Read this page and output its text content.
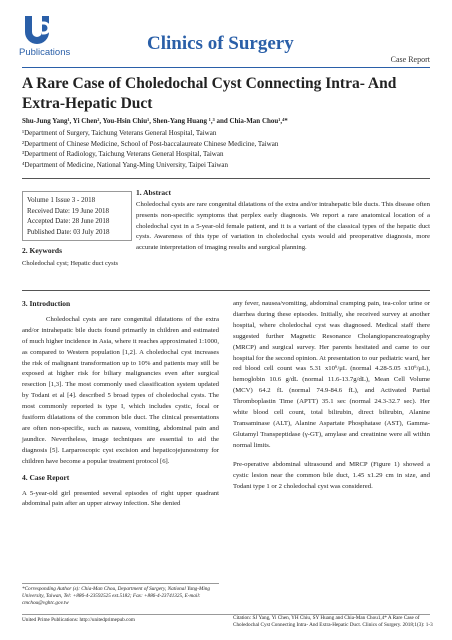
Publications	Clinics of Surgery
Case Report
A Rare Case of Choledochal Cyst Connecting Intra- And Extra-Hepatic Duct
Shu-Jung Yang¹, Yi Chen², You-Hsin Chiu¹, Shen-Yang Huang ¹,³ and Chia-Man Chou¹,⁴*
¹Department of Surgery, Taichung Veterans General Hospital, Taiwan
²Department of Chinese Medicine, School of Post-baccalaureate Chinese Medicine, Taiwan
³Department of Radiology, Taichung Veterans General Hospital, Taiwan
⁴Department of Medicine, National Yang-Ming University, Taipei Taiwan
Volume 1 Issue 3 - 2018
Received Date: 19 June 2018
Accepted Date: 28 June 2018
Published Date: 03 July 2018
2. Keywords
Choledochal cyst; Hepatic duct cysts
1. Abstract
Choledochal cysts are rare congenital dilatations of the extra and/or intrahepatic bile ducts. This disease often presents non-specific symptoms that perplex early diagnosis. We report a rare anatomical location of a choledochal cyst in a 5-year-old female patient, and it is a variant of the classical types of the hepatic duct cysts. Awareness of this type of variation in choledochal cysts would aid preoperative diagnosis, more accurate interpretation of imaging results and surgical planning.
3. Introduction
Choledochal cysts are rare congenital dilatations of the extra and/or intrahepatic bile ducts found primarily in children and estimated of much higher incidence in Asia, where it reaches approximated 1:1000, as compared to Western population [1,2]. A choledochal cyst increases the risk of malignant transformation up to 10% and patients may still be exposed at higher risk for biliary malignancies even after surgical resection [1,3]. The most commonly used classification system updated by Todani et al [4]. described 5 broad types of choledochal cysts. The most commonly reported is type I, which includes cystic, focal or fusiform dilatations of the common bile duct. The clinical presentations are often non-specific, such as nausea, vomiting, abdominal pain and jaundice. Nevertheless, image techniques are essential to aid the diagnosis [5]. Larparoscopic cyst excision and hepaticojejunostomy for children have become a popular treatment protocol [6].
4. Case Report
A 5-year-old girl presented several episodes of right upper quadrant abdominal pain after an upper airway infection. She denied
any fever, nausea/vomiting, abdominal cramping pain, tea-color urine or diarrhea during these episodes. Initially, she received survey at another hospital, where choledochal cyst was diagnosed. Medical staff there suggested further Magnetic Resonance Cholangiopancreatography (MRCP) and surgical survey. Her parents hesitated and came to our hospital for the second opinion. At presentation to our pediatric ward, her red blood cell count was 5.31 x10⁶/μL (normal 4.28-5.05 x10⁶/μL), hemoglobin 10.6 g/dL (normal 11.6-13.7g/dL), Mean Cell Volume (MCV) 64.2 fL (normal 74.9-84.6 fL), and Activated Partial Thromboplastin Time (APTT) 35.1 sec (normal 24.3-32.7 sec). Her white blood cell count, total bilirubin, direct bilirubin, Alanine Transaminase (ALT), Alanine Aspartate Phosphatase (AST), Gamma-Glutamyl Transpeptidase (γ-GT), amylase and creatinine were all within normal limits.
Pre-operative abdominal ultrasound and MRCP (Figure 1) showed a cystic lesion near the common bile duct, 1.45 x1.29 cm in size, and Todani type 1 or 2 choledochal cyst was considered.
*Corresponding Author (s): Chia-Man Chou, Department of Surgery, National Yang-Ming University, Taiwan, Tel: +886-4-23592525 ext.5182; Fax: +886-4-23741325, E-mail: cmchou@vghtc.gov.tw
United Prime Publications: http://unitedprimepub.com	Citation: SJ Yang, Yi Chen, YH Chiu, SY Huang and Chia-Man Chou1,4* A Rare Case of Choledochal Cyst Connecting Intra- And Extra-Hepatic Duct. Clinics of Surgery. 2018;1(3): 1-3
